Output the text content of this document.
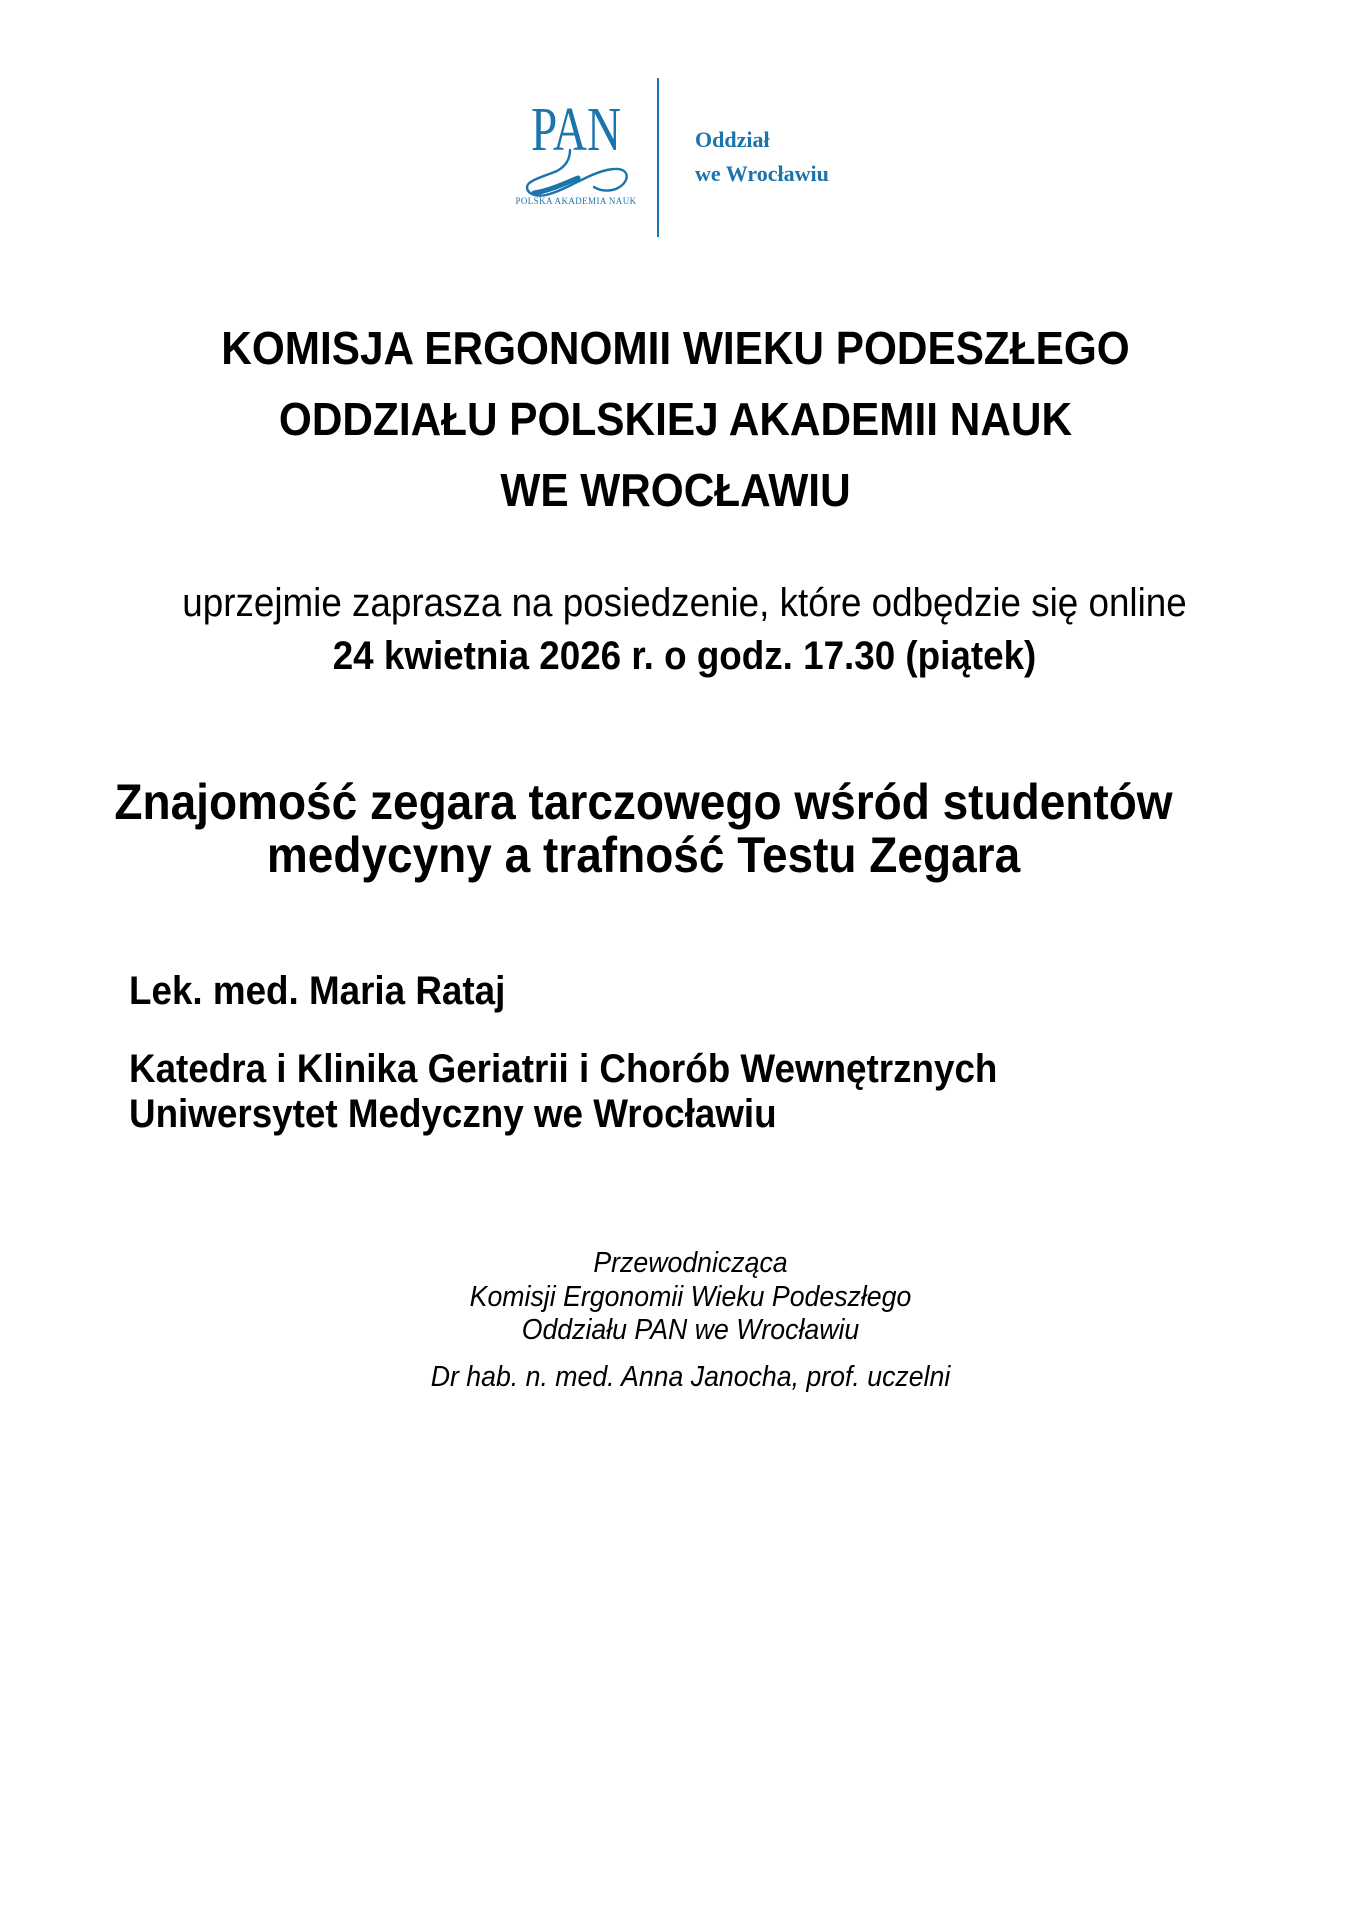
PAN
POLSKA AKADEMIA NAUK
Oddział
we Wrocławiu
KOMISJA ERGONOMII WIEKU PODESZŁEGO
ODDZIAŁU POLSKIEJ AKADEMII NAUK
WE WROCŁAWIU
uprzejmie zaprasza na posiedzenie, które odbędzie się online
24 kwietnia 2026 r. o godz. 17.30 (piątek)
Znajomość zegara tarczowego wśród studentów
medycyny a trafność Testu Zegara
Lek. med. Maria Rataj
Katedra i Klinika Geriatrii i Chorób Wewnętrznych
Uniwersytet Medyczny we Wrocławiu
Przewodnicząca
Komisji Ergonomii Wieku Podeszłego
Oddziału PAN we Wrocławiu
Dr hab. n. med. Anna Janocha, prof. uczelni
